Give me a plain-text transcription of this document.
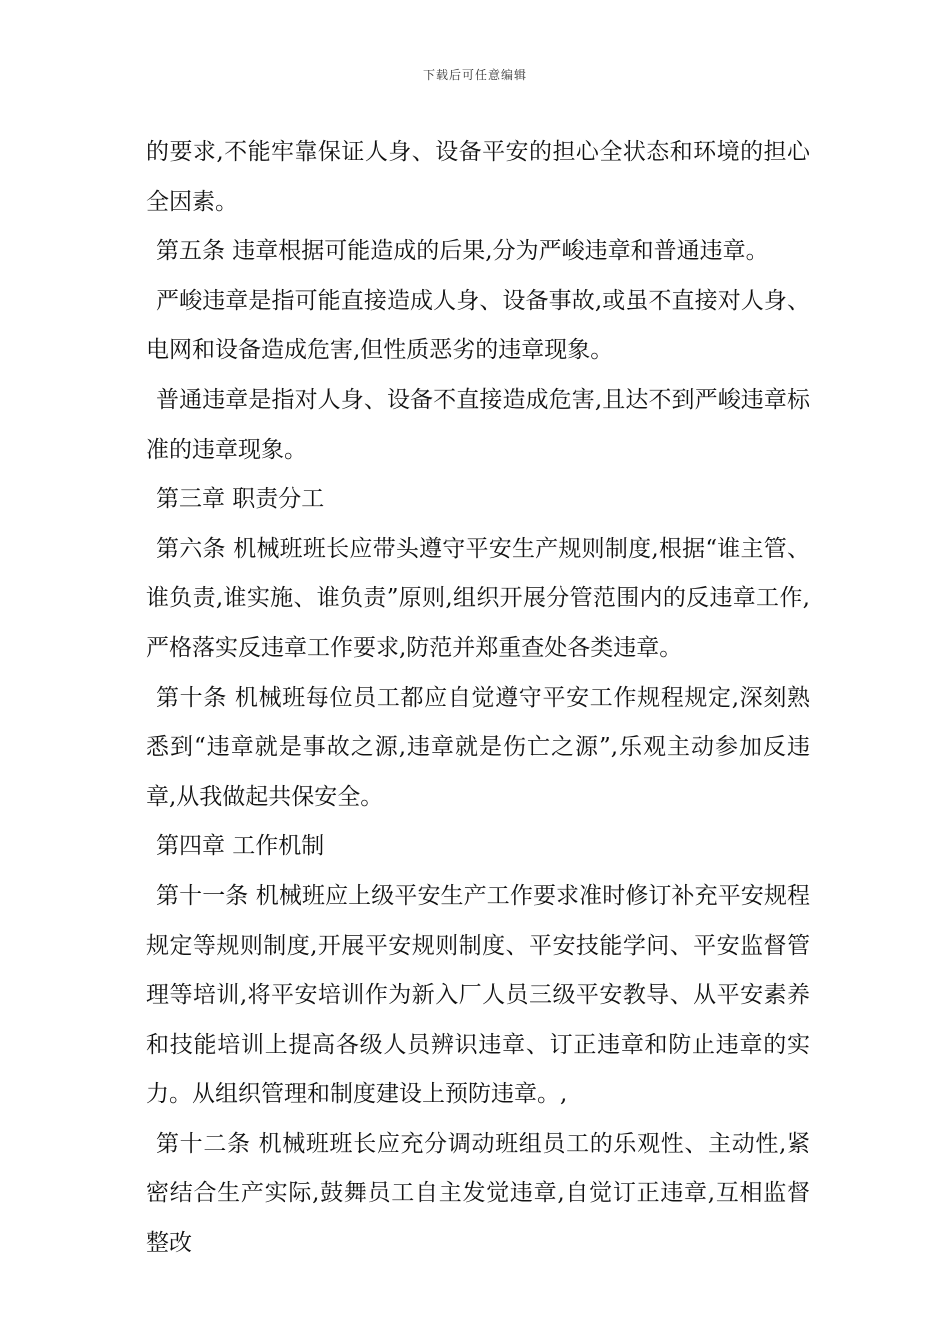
下载后可任意编辑

的要求,不能牢靠保证人身、设备平安的担心全状态和环境的担心全因素。

第五条 违章根据可能造成的后果,分为严峻违章和普通违章。

严峻违章是指可能直接造成人身、设备事故,或虽不直接对人身、电网和设备造成危害,但性质恶劣的违章现象。

普通违章是指对人身、设备不直接造成危害,且达不到严峻违章标准的违章现象。

第三章 职责分工

第六条 机械班班长应带头遵守平安生产规则制度,根据“谁主管、谁负责,谁实施、谁负责”原则,组织开展分管范围内的反违章工作,严格落实反违章工作要求,防范并郑重查处各类违章。

第十条 机械班每位员工都应自觉遵守平安工作规程规定,深刻熟悉到“违章就是事故之源,违章就是伤亡之源”,乐观主动参加反违章,从我做起共保安全。

第四章 工作机制

第十一条 机械班应上级平安生产工作要求准时修订补充平安规程规定等规则制度,开展平安规则制度、平安技能学问、平安监督管理等培训,将平安培训作为新入厂人员三级平安教导、从平安素养和技能培训上提高各级人员辨识违章、订正违章和防止违章的实力。从组织管理和制度建设上预防违章。,

第十二条 机械班班长应充分调动班组员工的乐观性、主动性,紧密结合生产实际,鼓舞员工自主发觉违章,自觉订正违章,互相监督整改
